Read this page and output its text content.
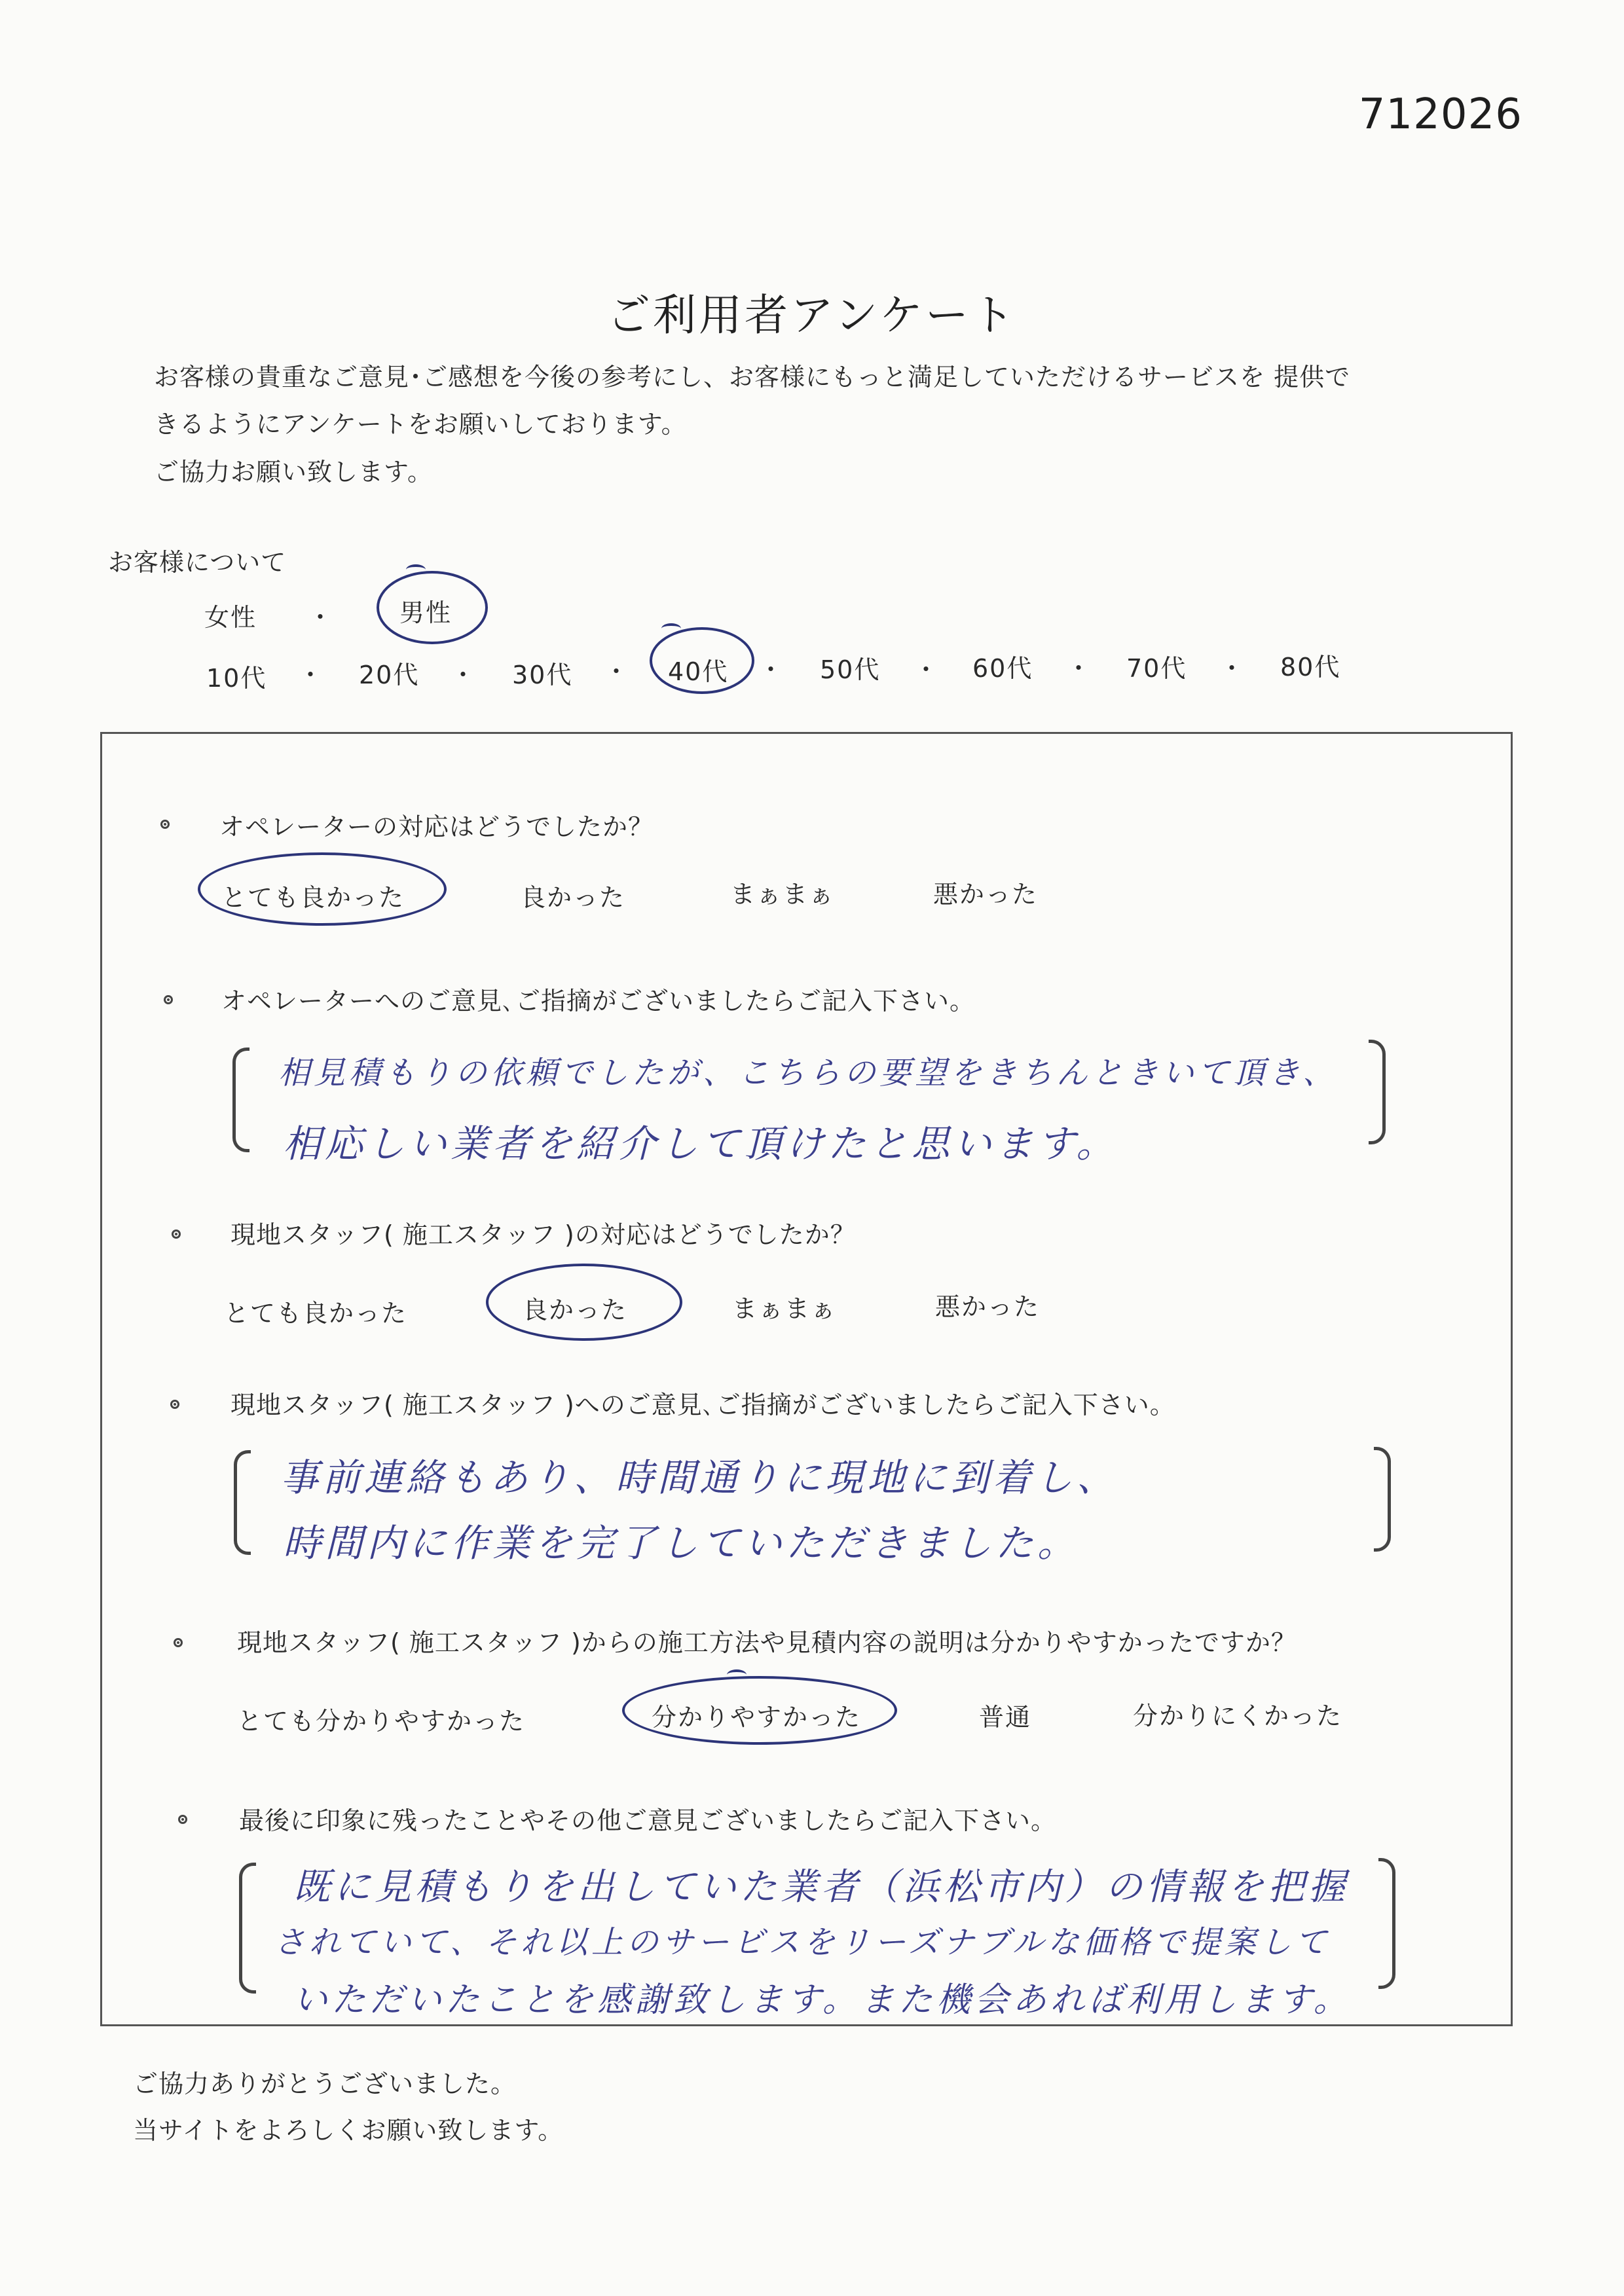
712026
ご利用者アンケート
お客様の貴重なご意見･ご感想を今後の参考にし、お客様にもっと満足していただけるサービスを 提供で
きるようにアンケートをお願いしております。
ご協力お願い致します。
お客様について
女性 ・	男性
10代 ・ 20代 ・ 30代 ・ 40代 ・ 50代 ・ 60代 ・ 70代 ・ 80代
オペレーターの対応はどうでしたか？
とても良かった	良かった	まぁまぁ	悪かった
オペレーターへのご意見､ご指摘がございましたらご記入下さい。
相見積もりの依頼でしたが、こちらの要望をきちんときいて頂き、
相応しい業者を紹介して頂けたと思います。
現地スタッフ( 施工スタッフ )の対応はどうでしたか？
とても良かった	良かった	まぁまぁ	悪かった
現地スタッフ( 施工スタッフ )へのご意見､ご指摘がございましたらご記入下さい。
事前連絡もあり、時間通りに現地に到着し、
時間内に作業を完了していただきました。
現地スタッフ( 施工スタッフ )からの施工方法や見積内容の説明は分かりやすかったですか？
とても分かりやすかった	分かりやすかった	普通	分かりにくかった
最後に印象に残ったことやその他ご意見ございましたらご記入下さい。
既に見積もりを出していた業者（浜松市内）の情報を把握
されていて、それ以上のサービスをリーズナブルな価格で提案して
いただいたことを感謝致します。また機会あれば利用します。
ご協力ありがとうございました。
当サイトをよろしくお願い致します。
